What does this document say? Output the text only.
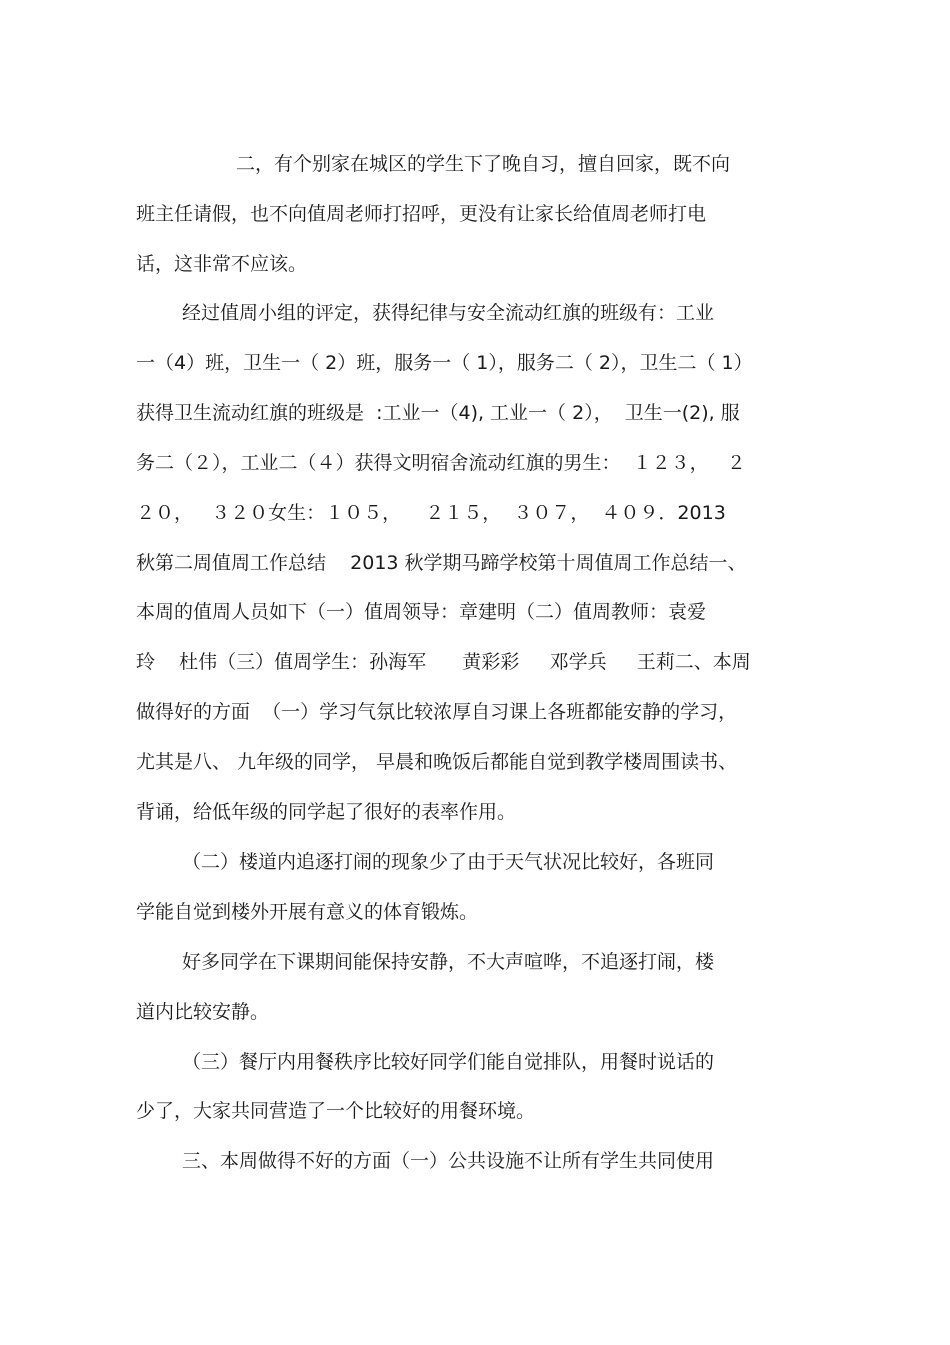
二，有个别家在城区的学生下了晚自习，擅自回家，既不向
班主任请假，也不向值周老师打招呼，更没有让家长给值周老师打电
话，这非常不应该。
经过值周小组的评定，获得纪律与安全流动红旗的班级有：工业
一（4）班，卫生一（ 2）班，服务一（ 1），服务二（ 2），卫生二（ 1）
获得卫生流动红旗的班级是  :工业一（4), 工业一（ 2），  卫生一(2), 服
务二（２），工业二（４）获得文明宿舍流动红旗的男生：  １２３，   ２
２０，   ３２０女生：１０５，    ２１５，  ３０７，  ４０９．2013
秋第二周值周工作总结    2013 秋学期马蹄学校第十周值周工作总结一、
本周的值周人员如下（一）值周领导：章建明（二）值周教师：袁爱
玲    杜伟（三）值周学生：孙海军      黄彩彩     邓学兵     王莉二、本周
做得好的方面  （一）学习气氛比较浓厚自习课上各班都能安静的学习，
尤其是八、 九年级的同学， 早晨和晚饭后都能自觉到教学楼周围读书、
背诵，给低年级的同学起了很好的表率作用。
（二）楼道内追逐打闹的现象少了由于天气状况比较好，各班同
学能自觉到楼外开展有意义的体育锻炼。
好多同学在下课期间能保持安静，不大声喧哗，不追逐打闹，楼
道内比较安静。
（三）餐厅内用餐秩序比较好同学们能自觉排队，用餐时说话的
少了，大家共同营造了一个比较好的用餐环境。
三、本周做得不好的方面（一）公共设施不让所有学生共同使用
